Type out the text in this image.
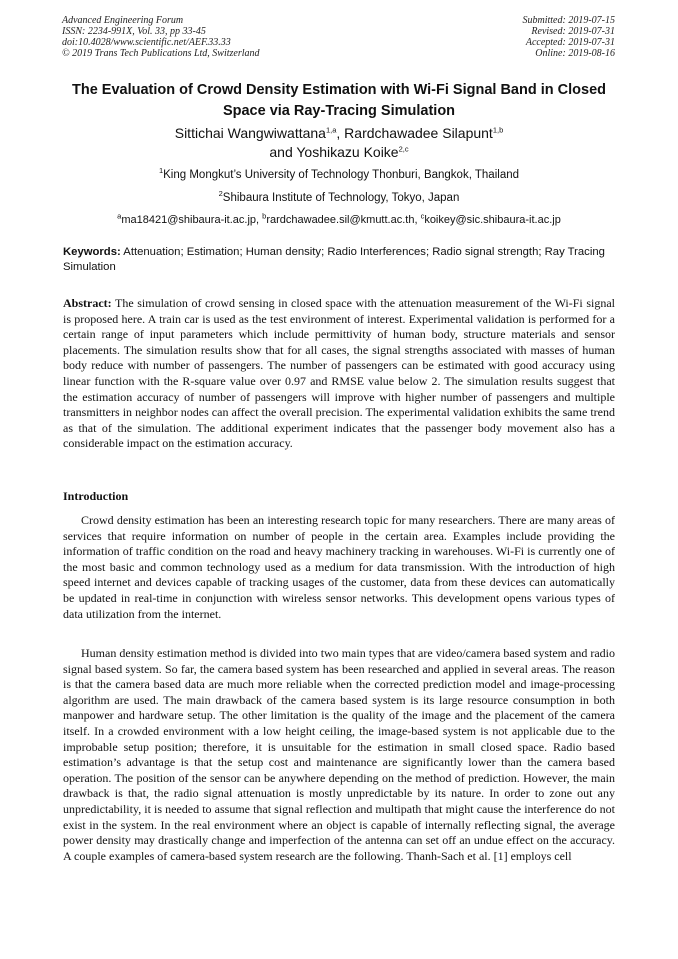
Advanced Engineering Forum
ISSN: 2234-991X, Vol. 33, pp 33-45
doi:10.4028/www.scientific.net/AEF.33.33
© 2019 Trans Tech Publications Ltd, Switzerland
Submitted: 2019-07-15
Revised: 2019-07-31
Accepted: 2019-07-31
Online: 2019-08-16
The Evaluation of Crowd Density Estimation with Wi-Fi Signal Band in Closed Space via Ray-Tracing Simulation
Sittichai Wangwiwattana$^{1,a}$, Rardchawadee Silapunt$^{1,b}$
and Yoshikazu Koike$^{2,c}$
$^1$King Mongkut’s University of Technology Thonburi, Bangkok, Thailand
$^2$Shibaura Institute of Technology, Tokyo, Japan
$^a$ma18421@shibaura-it.ac.jp, $^b$rardchawadee.sil@kmutt.ac.th, $^c$koikey@sic.shibaura-it.ac.jp
Keywords: Attenuation; Estimation; Human density; Radio Interferences; Radio signal strength; Ray Tracing Simulation
Abstract: The simulation of crowd sensing in closed space with the attenuation measurement of the Wi-Fi signal is proposed here. A train car is used as the test environment of interest. Experimental validation is performed for a certain range of input parameters which include permittivity of human body, structure materials and sensor placements. The simulation results show that for all cases, the signal strengths associated with masses of human body reduce with number of passengers. The number of passengers can be estimated with good accuracy using linear function with the R-square value over 0.97 and RMSE value below 2. The simulation results suggest that the estimation accuracy of number of passengers will improve with higher number of passengers and multiple transmitters in neighbor nodes can affect the overall precision. The experimental validation exhibits the same trend as that of the simulation. The additional experiment indicates that the passenger body movement also has a considerable impact on the estimation accuracy.
Introduction
Crowd density estimation has been an interesting research topic for many researchers. There are many areas of services that require information on number of people in the certain area. Examples include providing the information of traffic condition on the road and heavy machinery tracking in warehouses. Wi-Fi is currently one of the most basic and common technology used as a medium for data transmission. With the introduction of high speed internet and devices capable of tracking usages of the customer, data from these devices can automatically be updated in real-time in conjunction with wireless sensor networks. This development opens various types of data utilization from the internet.
Human density estimation method is divided into two main types that are video/camera based system and radio signal based system. So far, the camera based system has been researched and applied in several areas. The reason is that the camera based data are much more reliable when the corrected prediction model and image-processing algorithm are used. The main drawback of the camera based system is its large resource consumption in both manpower and hardware setup. The other limitation is the quality of the image and the placement of the camera itself. In a crowded environment with a low height ceiling, the image-based system is not applicable due to the improbable setup position; therefore, it is unsuitable for the estimation in small closed space. Radio based estimation’s advantage is that the setup cost and maintenance are significantly lower than the camera based operation. The position of the sensor can be anywhere depending on the method of prediction. However, the main drawback is that, the radio signal attenuation is mostly unpredictable by its nature. In order to zone out any unpredictability, it is needed to assume that signal reflection and multipath that might cause the interference do not exist in the system. In the real environment where an object is capable of internally reflecting signal, the average power density may drastically change and imperfection of the antenna can set off an undue effect on the accuracy. A couple examples of camera-based system research are the following. Thanh-Sach et al. [1] employs cell
